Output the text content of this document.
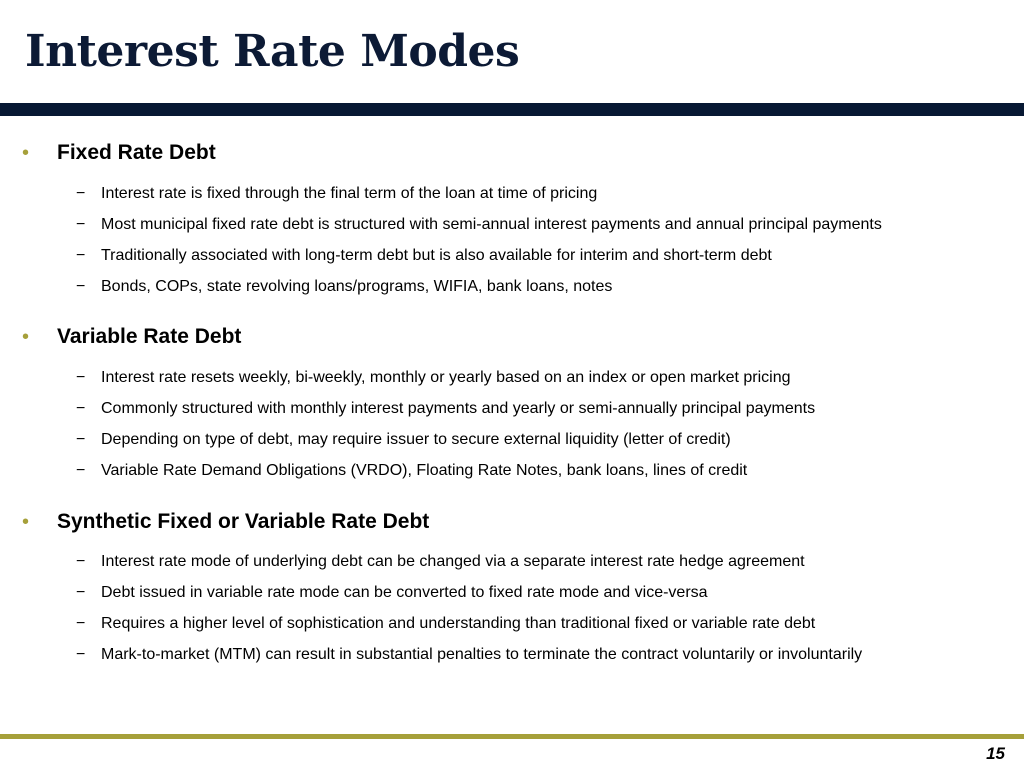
Interest Rate Modes
• Fixed Rate Debt
− Interest rate is fixed through the final term of the loan at time of pricing
− Most municipal fixed rate debt is structured with semi-annual interest payments and annual principal payments
− Traditionally associated with long-term debt but is also available for interim and short-term debt
− Bonds, COPs, state revolving loans/programs, WIFIA, bank loans, notes
• Variable Rate Debt
− Interest rate resets weekly, bi-weekly, monthly or yearly based on an index or open market pricing
− Commonly structured with monthly interest payments and yearly or semi-annually principal payments
− Depending on type of debt, may require issuer to secure external liquidity (letter of credit)
− Variable Rate Demand Obligations (VRDO), Floating Rate Notes, bank loans, lines of credit
• Synthetic Fixed or Variable Rate Debt
− Interest rate mode of underlying debt can be changed via a separate interest rate hedge agreement
− Debt issued in variable rate mode can be converted to fixed rate mode and vice-versa
− Requires a higher level of sophistication and understanding than traditional fixed or variable rate debt
− Mark-to-market (MTM) can result in substantial penalties to terminate the contract voluntarily or involuntarily
15
